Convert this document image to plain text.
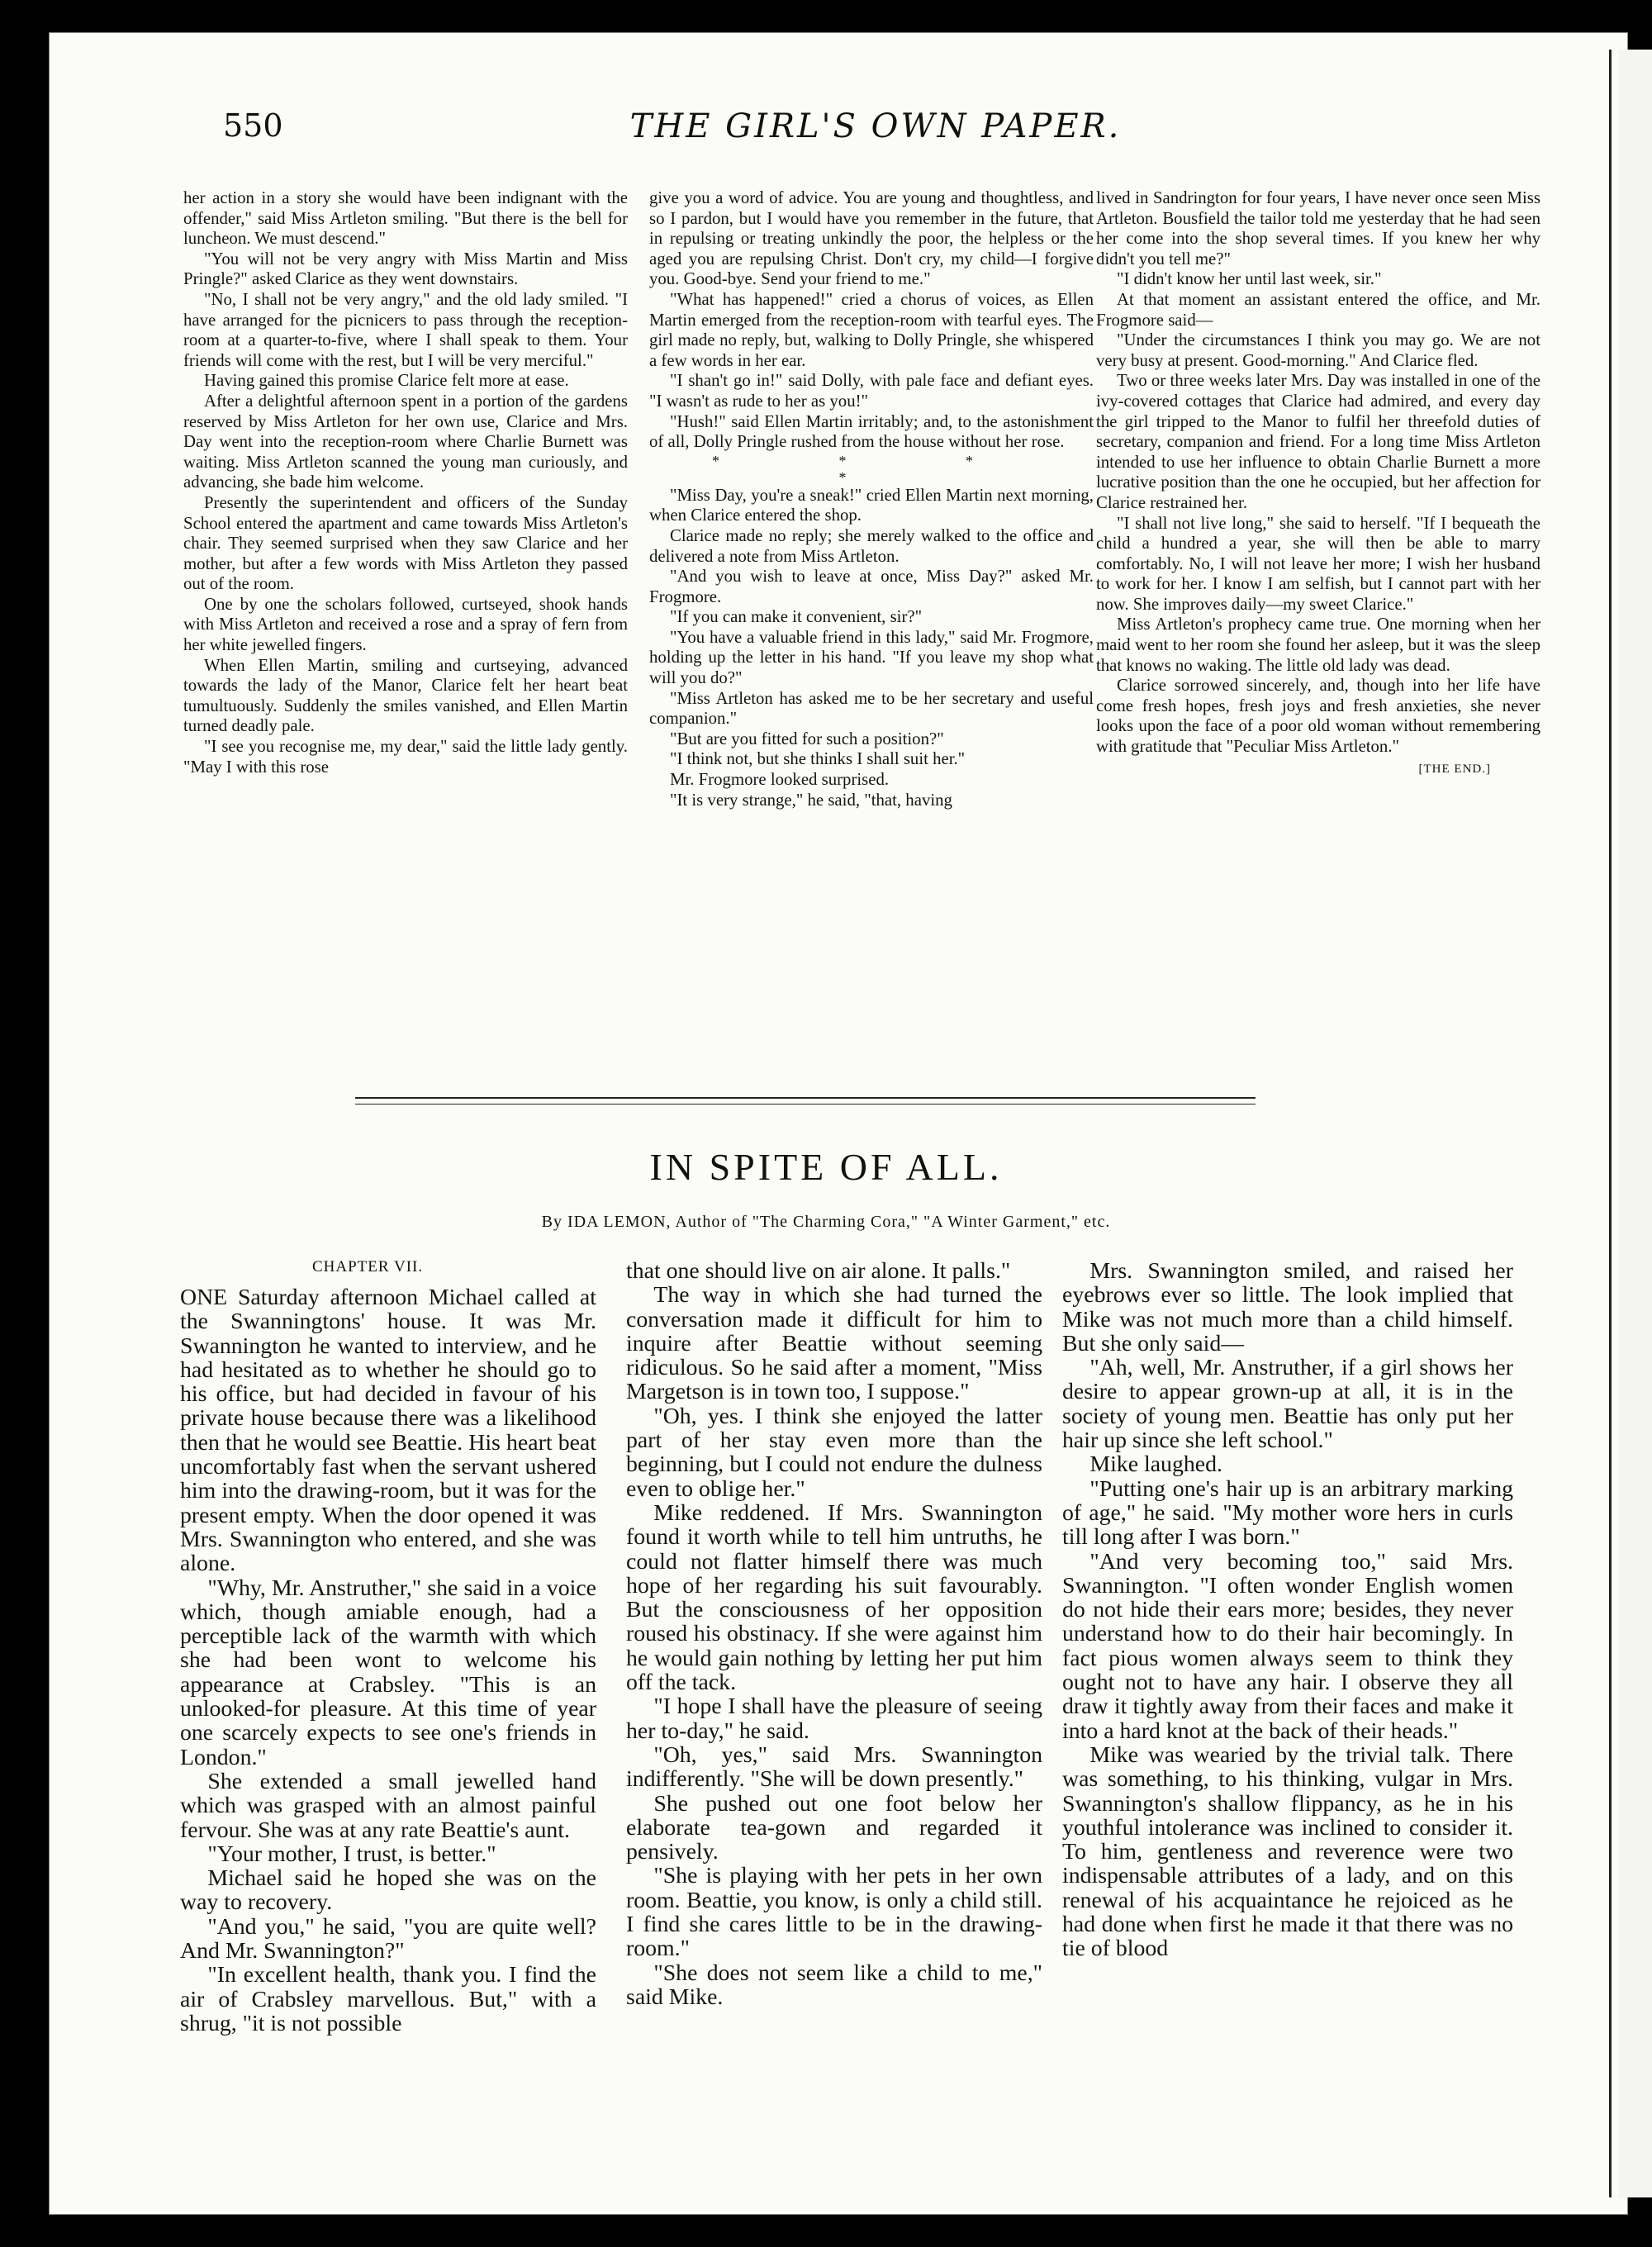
550	THE GIRL'S OWN PAPER.

her action in a story she would have been indignant with the offender," said Miss Artleton smiling. "But there is the bell for luncheon. We must descend."

"You will not be very angry with Miss Martin and Miss Pringle?" asked Clarice as they went downstairs.

"No, I shall not be very angry," and the old lady smiled. "I have arranged for the picnicers to pass through the reception-room at a quarter-to-five, where I shall speak to them. Your friends will come with the rest, but I will be very merciful."

Having gained this promise Clarice felt more at ease.

After a delightful afternoon spent in a portion of the gardens reserved by Miss Artleton for her own use, Clarice and Mrs. Day went into the reception-room where Charlie Burnett was waiting. Miss Artleton scanned the young man curiously, and advancing, she bade him welcome.

Presently the superintendent and officers of the Sunday School entered the apartment and came towards Miss Artleton's chair. They seemed surprised when they saw Clarice and her mother, but after a few words with Miss Artleton they passed out of the room.

One by one the scholars followed, curtseyed, shook hands with Miss Artleton and received a rose and a spray of fern from her white jewelled fingers.

When Ellen Martin, smiling and curtseying, advanced towards the lady of the Manor, Clarice felt her heart beat tumultuously. Suddenly the smiles vanished, and Ellen Martin turned deadly pale.

"I see you recognise me, my dear," said the little lady gently. "May I with this rose

give you a word of advice. You are young and thoughtless, and so I pardon, but I would have you remember in the future, that in repulsing or treating unkindly the poor, the helpless or the aged you are repulsing Christ. Don't cry, my child—I forgive you. Good-bye. Send your friend to me."

"What has happened!" cried a chorus of voices, as Ellen Martin emerged from the reception-room with tearful eyes. The girl made no reply, but, walking to Dolly Pringle, she whispered a few words in her ear.

"I shan't go in!" said Dolly, with pale face and defiant eyes. "I wasn't as rude to her as you!"

"Hush!" said Ellen Martin irritably; and, to the astonishment of all, Dolly Pringle rushed from the house without her rose.

* * * *

"Miss Day, you're a sneak!" cried Ellen Martin next morning, when Clarice entered the shop.

Clarice made no reply; she merely walked to the office and delivered a note from Miss Artleton.

"And you wish to leave at once, Miss Day?" asked Mr. Frogmore.

"If you can make it convenient, sir?"

"You have a valuable friend in this lady," said Mr. Frogmore, holding up the letter in his hand. "If you leave my shop what will you do?"

"Miss Artleton has asked me to be her secretary and useful companion."

"But are you fitted for such a position?"

"I think not, but she thinks I shall suit her."

Mr. Frogmore looked surprised.

"It is very strange," he said, "that, having

lived in Sandrington for four years, I have never once seen Miss Artleton. Bousfield the tailor told me yesterday that he had seen her come into the shop several times. If you knew her why didn't you tell me?"

"I didn't know her until last week, sir."

At that moment an assistant entered the office, and Mr. Frogmore said—

"Under the circumstances I think you may go. We are not very busy at present. Good-morning." And Clarice fled.

Two or three weeks later Mrs. Day was installed in one of the ivy-covered cottages that Clarice had admired, and every day the girl tripped to the Manor to fulfil her threefold duties of secretary, companion and friend. For a long time Miss Artleton intended to use her influence to obtain Charlie Burnett a more lucrative position than the one he occupied, but her affection for Clarice restrained her.

"I shall not live long," she said to herself. "If I bequeath the child a hundred a year, she will then be able to marry comfortably. No, I will not leave her more; I wish her husband to work for her. I know I am selfish, but I cannot part with her now. She improves daily—my sweet Clarice."

Miss Artleton's prophecy came true. One morning when her maid went to her room she found her asleep, but it was the sleep that knows no waking. The little old lady was dead.

Clarice sorrowed sincerely, and, though into her life have come fresh hopes, fresh joys and fresh anxieties, she never looks upon the face of a poor old woman without remembering with gratitude that "Peculiar Miss Artleton."

[THE END.]
IN SPITE OF ALL.
By IDA LEMON, Author of "The Charming Cora," "A Winter Garment," etc.
CHAPTER VII.

ONE Saturday afternoon Michael called at the Swanningtons' house. It was Mr. Swannington he wanted to interview, and he had hesitated as to whether he should go to his office, but had decided in favour of his private house because there was a likelihood then that he would see Beattie. His heart beat uncomfortably fast when the servant ushered him into the drawing-room, but it was for the present empty. When the door opened it was Mrs. Swannington who entered, and she was alone.

"Why, Mr. Anstruther," she said in a voice which, though amiable enough, had a perceptible lack of the warmth with which she had been wont to welcome his appearance at Crabsley. "This is an unlooked-for pleasure. At this time of year one scarcely expects to see one's friends in London."

She extended a small jewelled hand which was grasped with an almost painful fervour. She was at any rate Beattie's aunt.

"Your mother, I trust, is better."

Michael said he hoped she was on the way to recovery.

"And you," he said, "you are quite well? And Mr. Swannington?"

"In excellent health, thank you. I find the air of Crabsley marvellous. But," with a shrug, "it is not possible

that one should live on air alone. It palls."

The way in which she had turned the conversation made it difficult for him to inquire after Beattie without seeming ridiculous. So he said after a moment, "Miss Margetson is in town too, I suppose."

"Oh, yes. I think she enjoyed the latter part of her stay even more than the beginning, but I could not endure the dulness even to oblige her."

Mike reddened. If Mrs. Swannington found it worth while to tell him untruths, he could not flatter himself there was much hope of her regarding his suit favourably. But the consciousness of her opposition roused his obstinacy. If she were against him he would gain nothing by letting her put him off the tack.

"I hope I shall have the pleasure of seeing her to-day," he said.

"Oh, yes," said Mrs. Swannington indifferently. "She will be down presently."

She pushed out one foot below her elaborate tea-gown and regarded it pensively.

"She is playing with her pets in her own room. Beattie, you know, is only a child still. I find she cares little to be in the drawing-room."

"She does not seem like a child to me," said Mike.

Mrs. Swannington smiled, and raised her eyebrows ever so little. The look implied that Mike was not much more than a child himself. But she only said—

"Ah, well, Mr. Anstruther, if a girl shows her desire to appear grown-up at all, it is in the society of young men. Beattie has only put her hair up since she left school."

Mike laughed.

"Putting one's hair up is an arbitrary marking of age," he said. "My mother wore hers in curls till long after I was born."

"And very becoming too," said Mrs. Swannington. "I often wonder English women do not hide their ears more; besides, they never understand how to do their hair becomingly. In fact pious women always seem to think they ought not to have any hair. I observe they all draw it tightly away from their faces and make it into a hard knot at the back of their heads."

Mike was wearied by the trivial talk. There was something, to his thinking, vulgar in Mrs. Swannington's shallow flippancy, as he in his youthful intolerance was inclined to consider it. To him, gentleness and reverence were two indispensable attributes of a lady, and on this renewal of his acquaintance he rejoiced as he had done when first he made it that there was no tie of blood
